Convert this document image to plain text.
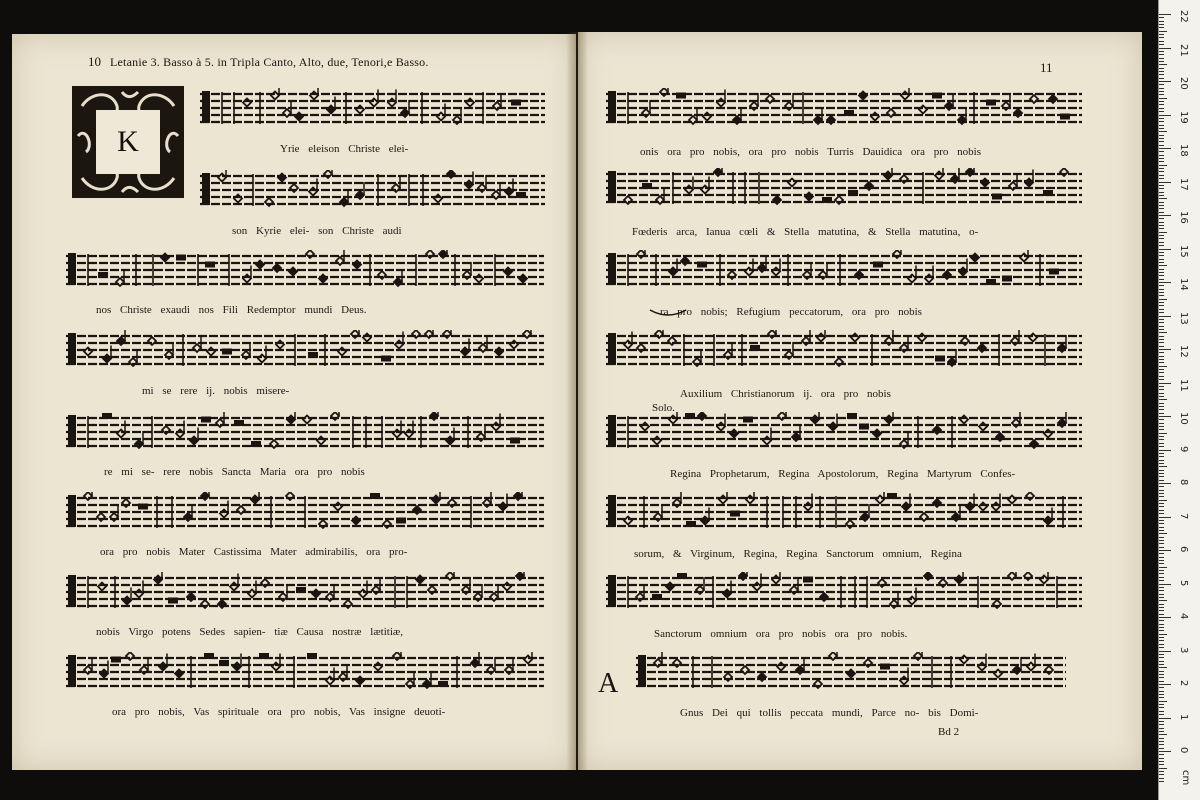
10 Letanie 3. Basso à 5. in Tripla Canto, Alto, due, Tenori,e Basso.
K	Yrie eleison Christe elei-
son Kyrie elei- son Christe audi
nos Christe exaudi nos Fili Redemptor mundi Deus.
mi se rere ij. nobis misere-
re mi se- rere nobis Sancta Maria ora pro nobis
ora pro nobis Mater Castissima Mater admirabilis, ora pro-
nobis Virgo potens Sedes sapien- tiæ Causa nostræ lætitiæ,
ora pro nobis, Vas spirituale ora pro nobis, Vas insigne deuoti-
11
onis ora pro nobis, ora pro nobis Turris Dauidica ora pro nobis
Fœderis arca, Ianua cœli & Stella matutina, & Stella matutina, o-
ra pro nobis; Refugium peccatorum, ora pro nobis
Auxilium Christianorum ij. ora pro nobis
Solo.
Regina Prophetarum, Regina Apostolorum, Regina Martyrum Confes-
sorum, & Virginum, Regina, Regina Sanctorum omnium, Regina
Sanctorum omnium ora pro nobis ora pro nobis.
A
Gnus Dei qui tollis peccata mundi, Parce no- bis Domi-
Bd 2
22
21
20
19
18
17
16
15
14
13
12
11
10
9
8
7
6
5
4
3
2
1
0
cm
